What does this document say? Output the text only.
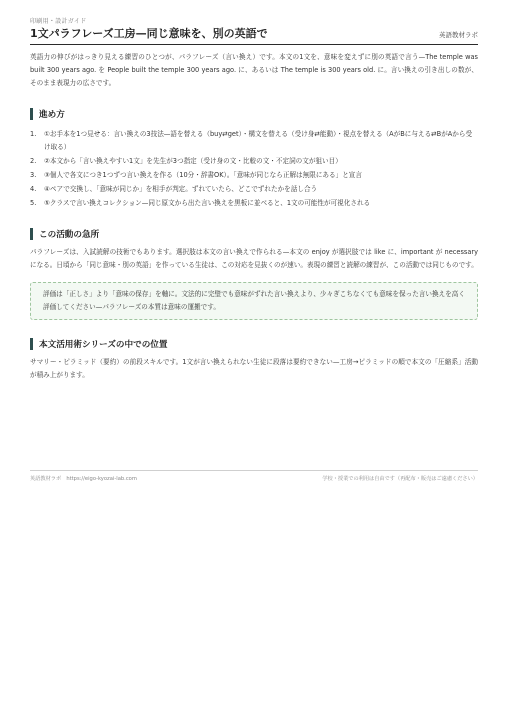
印刷用・設計ガイド
1文パラフレーズ工房—同じ意味を、別の英語で	英語教材ラボ

英語力の伸びがはっきり見える練習のひとつが、パラフレーズ（言い換え）です。本文の1文を、意味を変えずに別の英語で言う—The temple was built 300 years ago. を People built the temple 300 years ago. に、あるいは The temple is 300 years old. に。言い換えの引き出しの数が、そのまま表現力の広さです。

進め方
1.	①お手本を1つ見せる：言い換えの3技法—語を替える（buy⇄get）・構文を替える（受け身⇄能動）・視点を替える（AがBに与える⇄BがAから受け取る）
2.	②本文から「言い換えやすい1文」を先生が3つ指定（受け身の文・比較の文・不定詞の文が狙い目）
3.	③個人で各文につき1つずつ言い換えを作る（10分・辞書OK）。「意味が同じなら正解は無限にある」と宣言
4.	④ペアで交換し、「意味が同じか」を相手が判定。ずれていたら、どこでずれたかを話し合う
5.	⑤クラスで言い換えコレクション—同じ原文から出た言い換えを黒板に並べると、1文の可能性が可視化される
この活動の急所

パラフレーズは、入試読解の技術でもあります。選択肢は本文の言い換えで作られる—本文の enjoy が選択肢では like に、important が necessary になる。日頃から「同じ意味・別の英語」を作っている生徒は、この対応を見抜くのが速い。表現の練習と読解の練習が、この活動では同じものです。

評価は「正しさ」より「意味の保存」を軸に。文法的に完璧でも意味がずれた言い換えより、少々ぎこちなくても意味を保った言い換えを高く評価してください—パラフレーズの本質は意味の運搬です。
本文活用術シリーズの中での位置

サマリー・ピラミッド（要約）の前段スキルです。1文が言い換えられない生徒に段落は要約できない—工房→ピラミッドの順で本文の「圧縮系」活動が積み上がります。

英語教材ラボ　https://eigo-kyozai-lab.com	学校・授業での利用は自由です（再配布・販売はご遠慮ください）
